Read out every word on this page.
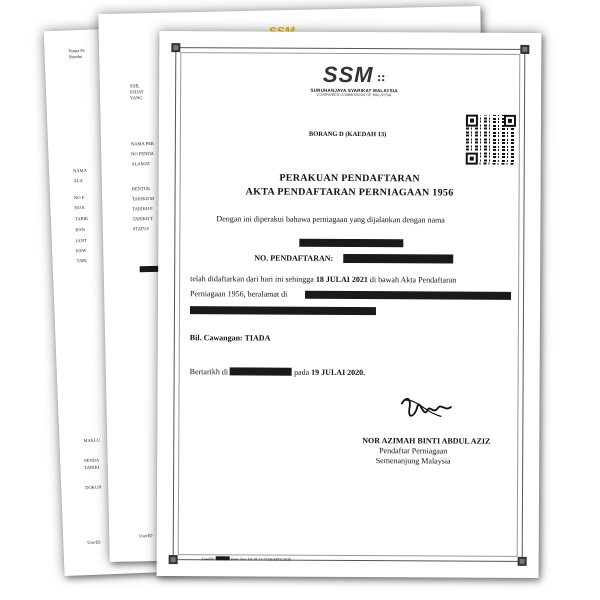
Nama Pe
Nombo
NAMA
ALA
NO E
NO E
TARIK
BAN
JANT
KEW
TARI
MAKLU
PENDA
TARIKI
DOKUN
UserID
SIJIL
KIDAF
YANG
NAMA PER
NO PENDA
ALAMAT
BENTUK
TARIKH M
TARIKH P
TARIKH T
STATUS
UserID
SSM
SURUHANJAYA SYARIKAT MALAYSIA
COMPANIES COMMISSION OF MALAYSIA
BORANG D (KAEDAH 13)
PERAKUAN PENDAFTARAN
AKTA PENDAFTARAN PERNIAGAAN 1956
Dengan ini diperakui bahawa perniagaan yang dijalankan dengan nama
NO. PENDAFTARAN:
telah didaftarkan dari hari ini sehingga 18 JULAI 2021 di bawah Akta Pendaftaran
Perniagaan 1956, beralamat di
Bil. Cawangan: TIADA
Bertarikh di	pada 19 JULAI 2020.
NOR AZIMAH BINTI ABDUL AZIZ
Pendaftar Perniagaan
Semenanjung Malaysia
UserID:	Date: Sun Jul 19 21:27:09 MYT 2020
